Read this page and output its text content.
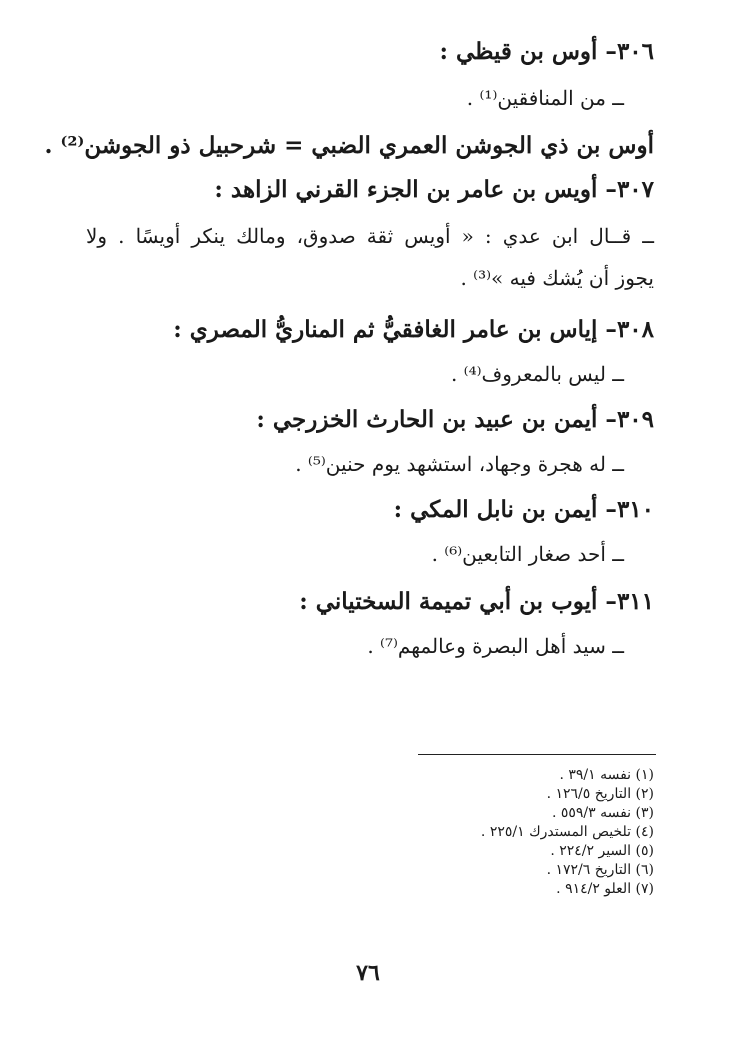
٣٠٦– أوس بن قيظي :
ــ من المنافقين⁽¹⁾ .
أوس بن ذي الجوشن العمري الضبي = شرحبيل ذو الجوشن⁽²⁾ .
٣٠٧– أويس بن عامر بن الجزء القرني الزاهد :
ــ قــال ابن عدي : « أويس ثقة صدوق، ومالك ينكر أويسًا . ولا
يجوز أن يُشك فيه »⁽³⁾ .
٣٠٨– إياس بن عامر الغافقيُّ ثم المناريُّ المصري :
ــ ليس بالمعروف⁽⁴⁾ .
٣٠٩– أيمن بن عبيد بن الحارث الخزرجي :
ــ له هجرة وجهاد، استشهد يوم حنين⁽⁵⁾ .
٣١٠– أيمن بن نابل المكي :
ــ أحد صغار التابعين⁽⁶⁾ .
٣١١– أيوب بن أبي تميمة السختياني :
ــ سيد أهل البصرة وعالمهم⁽⁷⁾ .
(١) نفسه ٣٩/١ .
(٢) التاريخ ١٢٦/٥ .
(٣) نفسه ٥٥٩/٣ .
(٤) تلخيص المستدرك ٢٢٥/١ .
(٥) السير ٢٢٤/٢ .
(٦) التاريخ ١٧٢/٦ .
(٧) العلو ٩١٤/٢ .
٧٦
